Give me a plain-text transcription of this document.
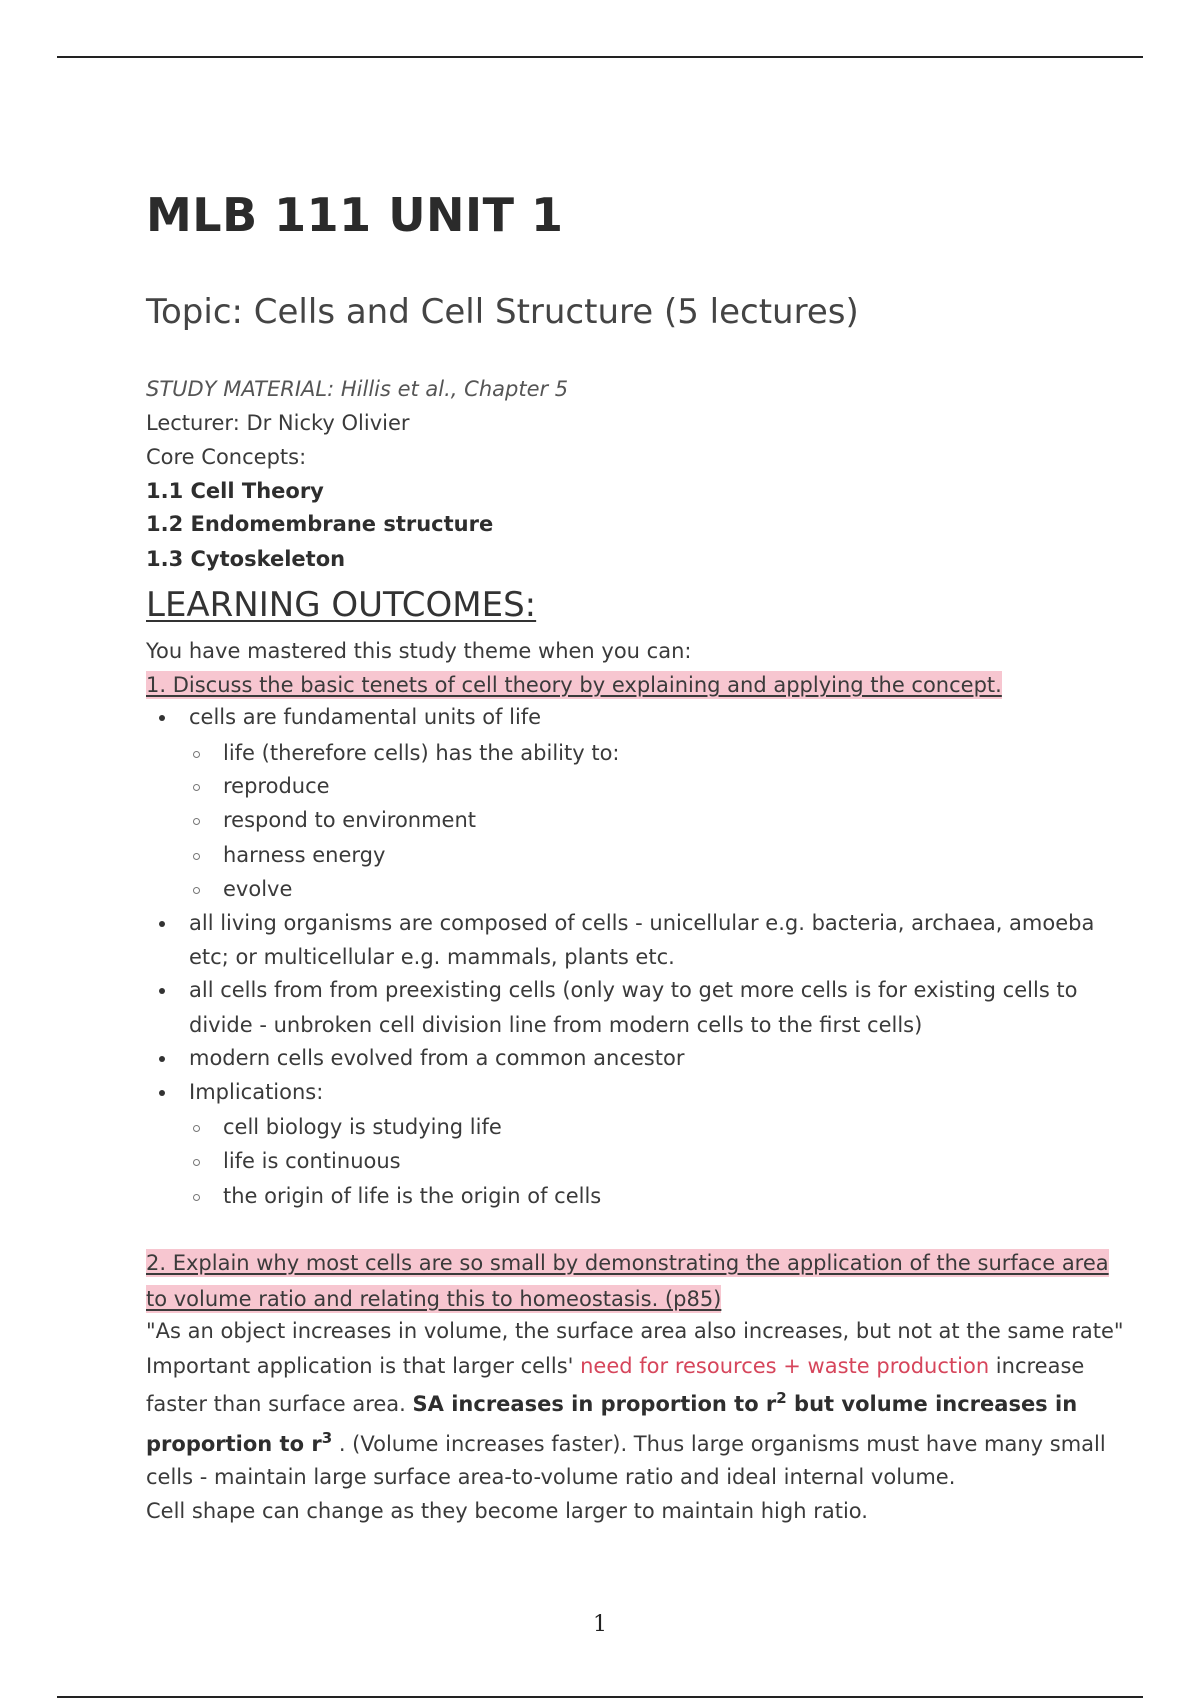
MLB 111 UNIT 1
Topic: Cells and Cell Structure (5 lectures)
STUDY MATERIAL: Hillis et al., Chapter 5
Lecturer: Dr Nicky Olivier
Core Concepts:
1.1 Cell Theory
1.2 Endomembrane structure
1.3 Cytoskeleton
LEARNING OUTCOMES:
You have mastered this study theme when you can:
1. Discuss the basic tenets of cell theory by explaining and applying the concept.
cells are fundamental units of life
life (therefore cells) has the ability to:
reproduce
respond to environment
harness energy
evolve
all living organisms are composed of cells - unicellular e.g. bacteria, archaea, amoeba
etc; or multicellular e.g. mammals, plants etc.
all cells from from preexisting cells (only way to get more cells is for existing cells to
divide - unbroken cell division line from modern cells to the first cells)
modern cells evolved from a common ancestor
Implications:
cell biology is studying life
life is continuous
the origin of life is the origin of cells
2. Explain why most cells are so small by demonstrating the application of the surface area
to volume ratio and relating this to homeostasis. (p85)
"As an object increases in volume, the surface area also increases, but not at the same rate"
Important application is that larger cells' need for resources + waste production increase
faster than surface area. SA increases in proportion to $r^2$ but volume increases in
proportion to $r^3$ . (Volume increases faster). Thus large organisms must have many small
cells - maintain large surface area-to-volume ratio and ideal internal volume.
Cell shape can change as they become larger to maintain high ratio.
1
